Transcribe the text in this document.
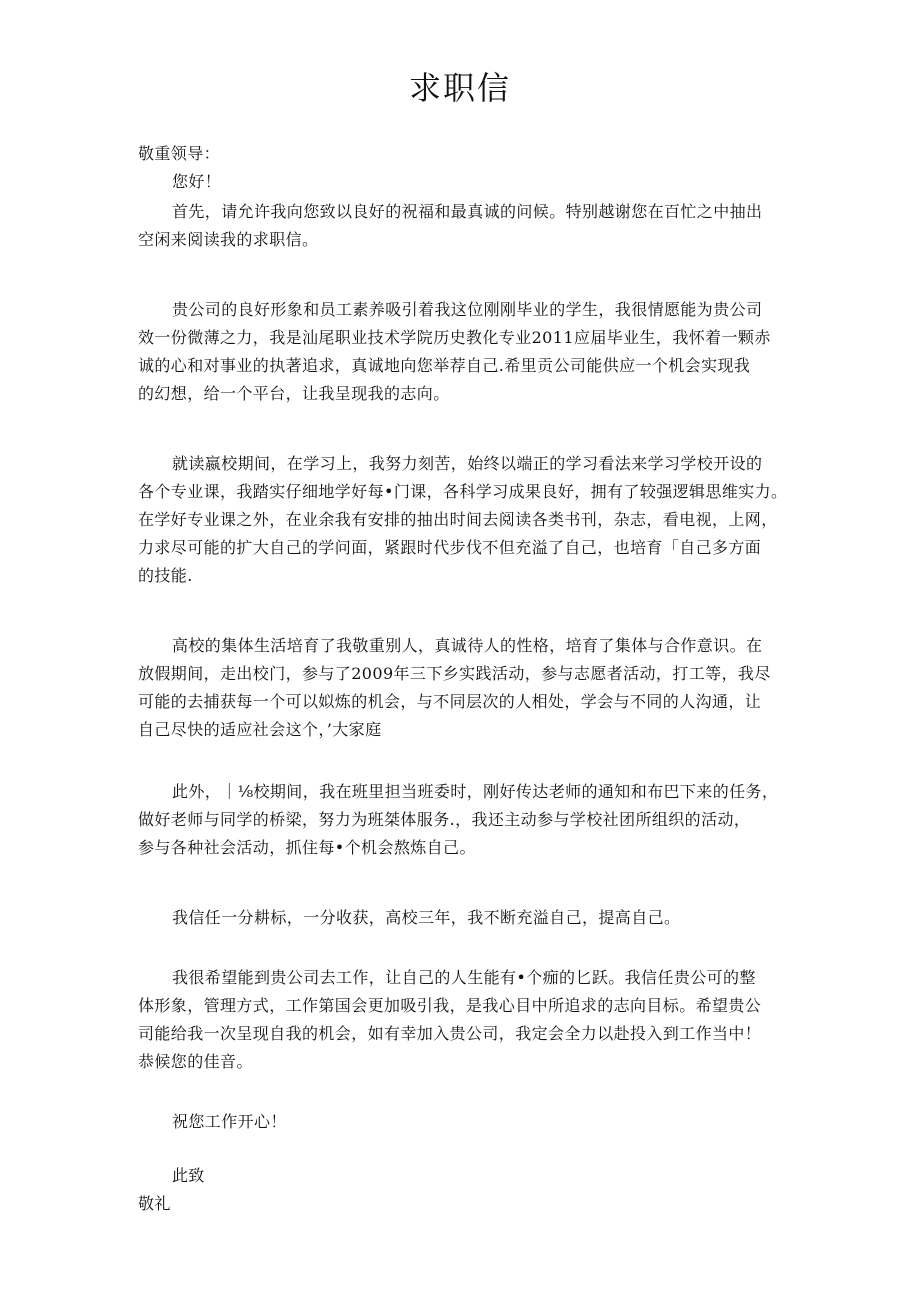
求职信
敬重领导：
您好！
首先，请允许我向您致以良好的祝福和最真诚的问候。特别越谢您在百忙之中抽出
空闲来阅读我的求职信。
贵公司的良好形象和员工素养吸引着我这位刚刚毕业的学生，我很情愿能为贵公司
效一份微薄之力，我是汕尾职业技术学院历史教化专业2011应届毕业生，我怀着一颗赤
诚的心和对事业的执著追求，真诚地向您举荐自己.希里贡公司能供应一个机会实现我
的幻想，给一个平台，让我呈现我的志向。
就读嬴校期间，在学习上，我努力刻苦，始终以端正的学习看法来学习学校开设的
各个专业课，我踏实仔细地学好每•门课，各科学习成果良好，拥有了较强逻辑思维实力。
在学好专业课之外，在业余我有安排的抽出时间去阅读各类书刊，杂志，看电视，上网，
力求尽可能的扩大自己的学问面，紧跟时代步伐不但充溢了自己，也培育「自己多方面
的技能.
高校的集体生活培育了我敬重别人，真诚待人的性格，培育了集体与合作意识。在
放假期间，走出校门，参与了2009年三下乡实践活动，参与志愿者活动，打工等，我尽
可能的去捕获每一个可以姒炼的机会，与不同层次的人相处，学会与不同的人沟通，让
自己尽快的适应社会这个，’大家庭
此外，｜⅛校期间，我在班里担当班委时，刚好传达老师的通知和布巴下来的任务，
做好老师与同学的桥梁，努力为班桀体服务.，我还主动参与学校社团所组织的活动，
参与各种社会活动，抓住每•个机会熬炼自己。
我信任一分耕标，一分收获，高校三年，我不断充溢自己，提高自己。
我很希望能到贵公司去工作，让自己的人生能有•个痂的匕跃。我信任贵公可的整
体形象，管理方式，工作第国会更加吸引我，是我心目中所追求的志向目标。希望贵公
司能给我一次呈现自我的机会，如有幸加入贵公司，我定会全力以赴投入到工作当中！
恭候您的佳音。
祝您工作开心！
此致
敬礼
